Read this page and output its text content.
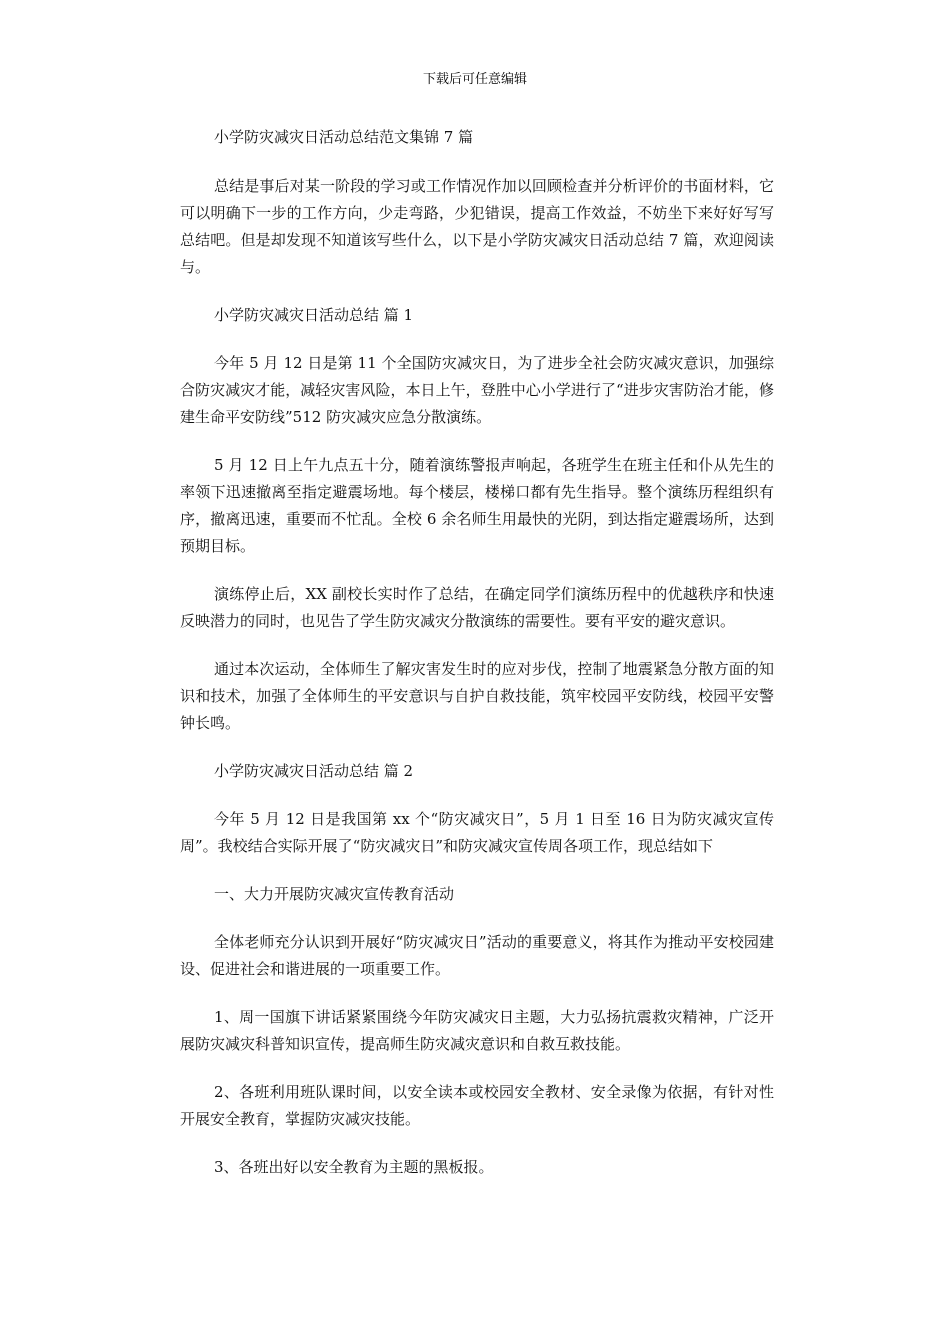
下载后可任意编辑

小学防灾减灾日活动总结范文集锦 7 篇

总结是事后对某一阶段的学习或工作情况作加以回顾检查并分析评价的书面材料，它可以明确下一步的工作方向，少走弯路，少犯错误，提高工作效益，不妨坐下来好好写写总结吧。但是却发现不知道该写些什么，以下是小学防灾减灾日活动总结 7 篇，欢迎阅读与。

小学防灾减灾日活动总结 篇 1

今年 5 月 12 日是第 11 个全国防灾减灾日，为了进步全社会防灾减灾意识，加强综合防灾减灾才能，减轻灾害风险，本日上午，登胜中心小学进行了“进步灾害防治才能，修建生命平安防线”512 防灾减灾应急分散演练。

5 月 12 日上午九点五十分，随着演练警报声响起，各班学生在班主任和仆从先生的率领下迅速撤离至指定避震场地。每个楼层，楼梯口都有先生指导。整个演练历程组织有序，撤离迅速，重要而不忙乱。全校 6 余名师生用最快的光阴，到达指定避震场所，达到预期目标。

演练停止后，XX 副校长实时作了总结，在确定同学们演练历程中的优越秩序和快速反映潜力的同时，也见告了学生防灾减灾分散演练的需要性。要有平安的避灾意识。

通过本次运动，全体师生了解灾害发生时的应对步伐，控制了地震紧急分散方面的知识和技术，加强了全体师生的平安意识与自护自救技能，筑牢校园平安防线，校园平安警钟长鸣。

小学防灾减灾日活动总结 篇 2

今年 5 月 12 日是我国第 xx 个“防灾减灾日”，5 月 1 日至 16 日为防灾减灾宣传周”。我校结合实际开展了“防灾减灾日”和防灾减灾宣传周各项工作，现总结如下

一、大力开展防灾减灾宣传教育活动

全体老师充分认识到开展好“防灾减灾日”活动的重要意义，将其作为推动平安校园建设、促进社会和谐进展的一项重要工作。

1、周一国旗下讲话紧紧围绕今年防灾减灾日主题，大力弘扬抗震救灾精神，广泛开展防灾减灾科普知识宣传，提高师生防灾减灾意识和自救互救技能。

2、各班利用班队课时间，以安全读本或校园安全教材、安全录像为依据，有针对性开展安全教育，掌握防灾减灾技能。

3、各班出好以安全教育为主题的黑板报。
